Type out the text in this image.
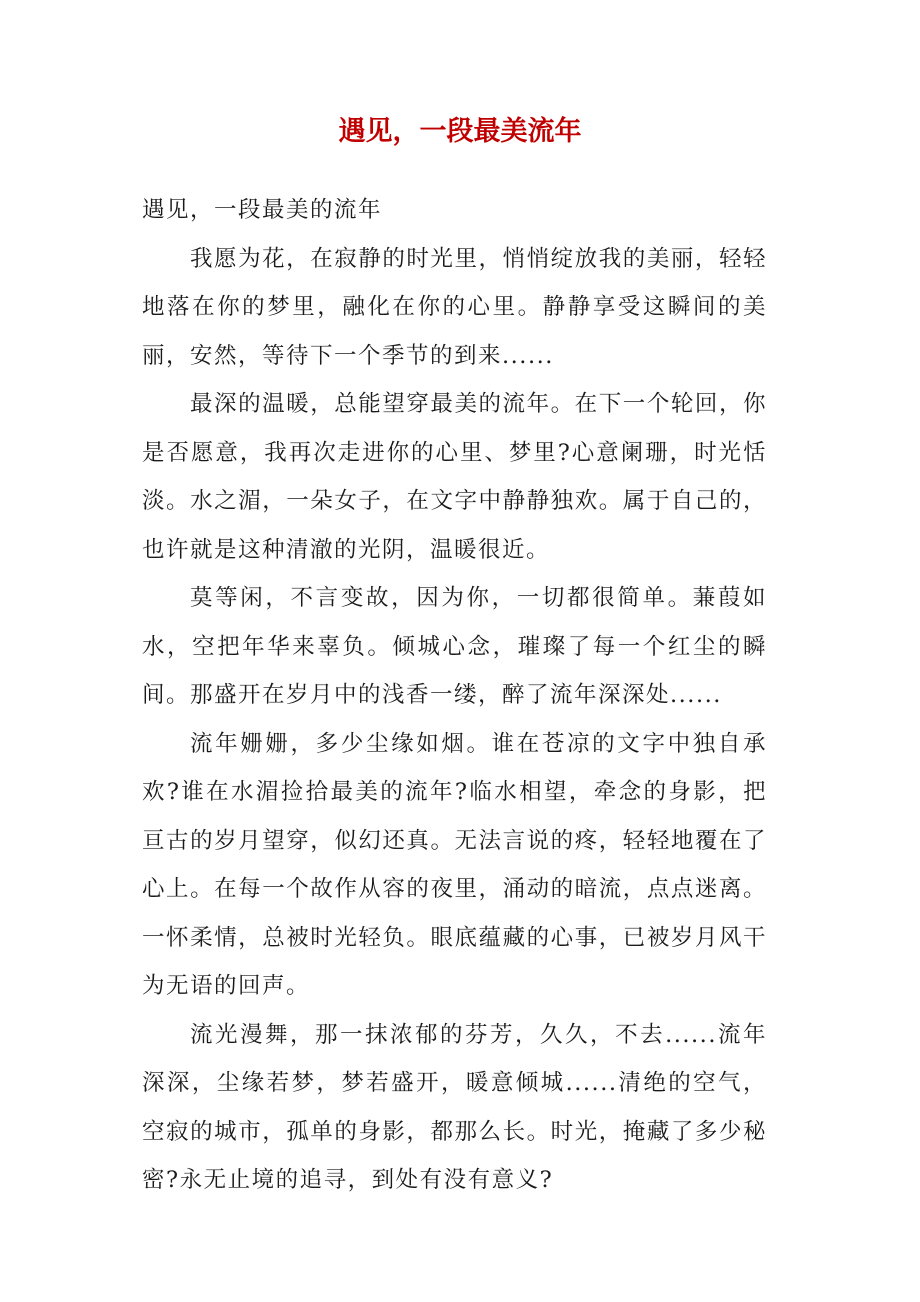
遇见，一段最美流年

遇见，一段最美的流年

我愿为花，在寂静的时光里，悄悄绽放我的美丽，轻轻地落在你的梦里，融化在你的心里。静静享受这瞬间的美丽，安然，等待下一个季节的到来......

最深的温暖，总能望穿最美的流年。在下一个轮回，你是否愿意，我再次走进你的心里、梦里?心意阑珊，时光恬淡。水之湄，一朵女子，在文字中静静独欢。属于自己的，也许就是这种清澈的光阴，温暖很近。

莫等闲，不言变故，因为你，一切都很简单。蒹葭如水，空把年华来辜负。倾城心念，璀璨了每一个红尘的瞬间。那盛开在岁月中的浅香一缕，醉了流年深深处......

流年姗姗，多少尘缘如烟。谁在苍凉的文字中独自承欢?谁在水湄捡拾最美的流年?临水相望，牵念的身影，把亘古的岁月望穿，似幻还真。无法言说的疼，轻轻地覆在了心上。在每一个故作从容的夜里，涌动的暗流，点点迷离。一怀柔情，总被时光轻负。眼底蕴藏的心事，已被岁月风干为无语的回声。

流光漫舞，那一抹浓郁的芬芳，久久，不去......流年深深，尘缘若梦，梦若盛开，暖意倾城......清绝的空气，空寂的城市，孤单的身影，都那么长。时光，掩藏了多少秘密?永无止境的追寻，到处有没有意义?
